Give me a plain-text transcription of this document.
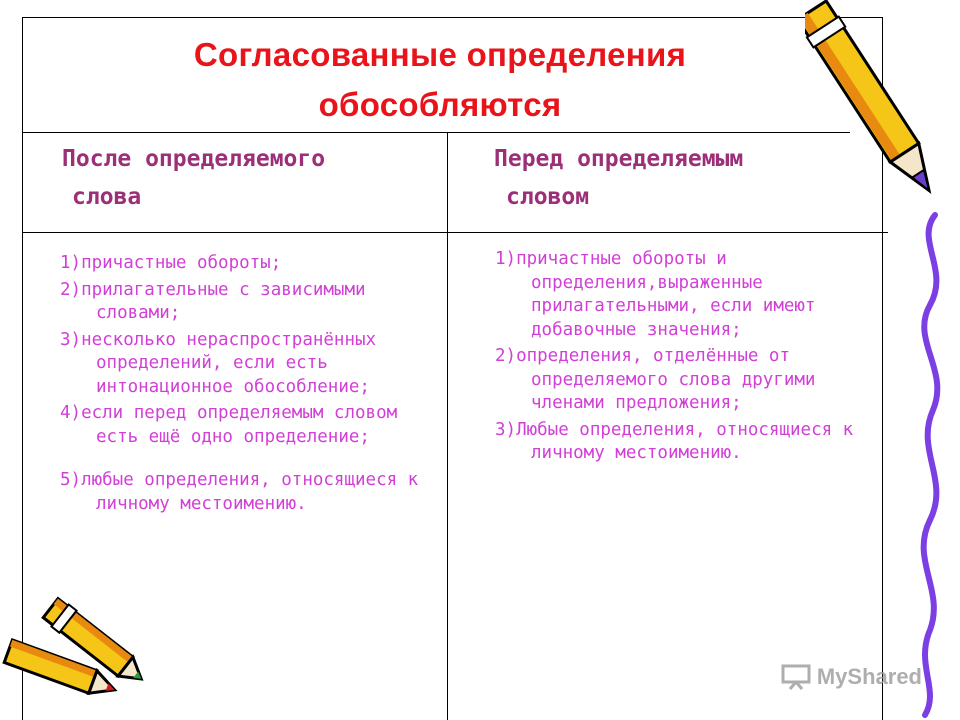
Согласованные определения
обособляются
После определяемого
слова
Перед определяемым
словом
1)причастные обороты;
2)прилагательные с зависимыми словами;
3)несколько нераспространённых определений, если есть интонационное обособление;
4)если перед определяемым словом есть ещё одно определение;
5)любые определения, относящиеся к личному местоимению.
1)причастные обороты и определения,выраженные прилагательными, если имеют добавочные значения;
2)определения, отделённые от определяемого слова другими членами предложения;
3)Любые определения, относящиеся к личному местоимению.
MyShared
